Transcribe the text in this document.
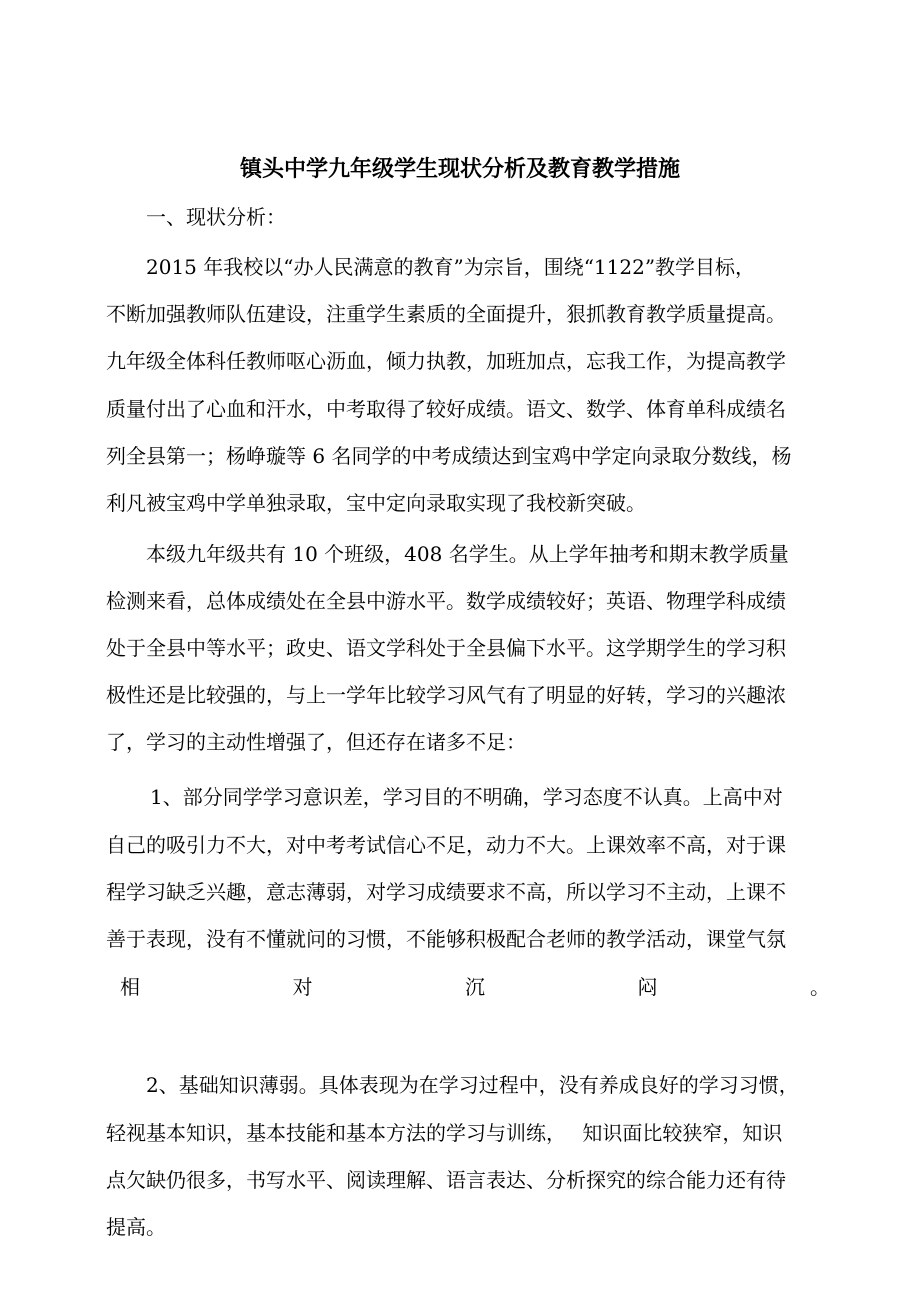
镇头中学九年级学生现状分析及教育教学措施
一、现状分析：
2015 年我校以“办人民满意的教育”为宗旨，围绕“1122”教学目标，
不断加强教师队伍建设，注重学生素质的全面提升，狠抓教育教学质量提高。
九年级全体科任教师呕心沥血，倾力执教，加班加点，忘我工作，为提高教学
质量付出了心血和汗水，中考取得了较好成绩。语文、数学、体育单科成绩名
列全县第一；杨峥璇等 6 名同学的中考成绩达到宝鸡中学定向录取分数线，杨
利凡被宝鸡中学单独录取，宝中定向录取实现了我校新突破。
本级九年级共有 10 个班级，408 名学生。从上学年抽考和期末教学质量
检测来看，总体成绩处在全县中游水平。数学成绩较好；英语、物理学科成绩
处于全县中等水平；政史、语文学科处于全县偏下水平。这学期学生的学习积
极性还是比较强的，与上一学年比较学习风气有了明显的好转，学习的兴趣浓
了，学习的主动性增强了，但还存在诸多不足：
1、部分同学学习意识差，学习目的不明确，学习态度不认真。上高中对
自己的吸引力不大，对中考考试信心不足，动力不大。上课效率不高，对于课
程学习缺乏兴趣，意志薄弱，对学习成绩要求不高，所以学习不主动，上课不
善于表现，没有不懂就问的习惯，不能够积极配合老师的教学活动，课堂气氛
相	对	沉	闷	。
2、基础知识薄弱。具体表现为在学习过程中，没有养成良好的学习习惯，
轻视基本知识，基本技能和基本方法的学习与训练，　 知识面比较狭窄，知识
点欠缺仍很多，书写水平、阅读理解、语言表达、分析探究的综合能力还有待
提高。
